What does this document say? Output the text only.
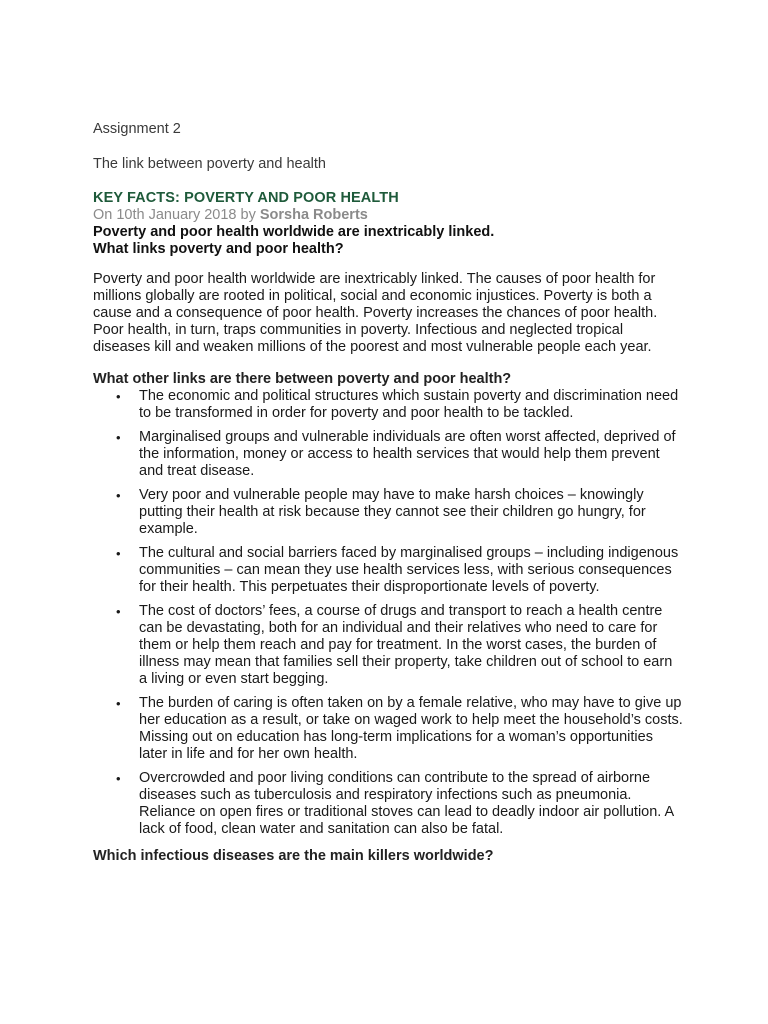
Assignment 2

The link between poverty and health

KEY FACTS: POVERTY AND POOR HEALTH

On 10th January 2018 by Sorsha Roberts

Poverty and poor health worldwide are inextricably linked.

What links poverty and poor health?

Poverty and poor health worldwide are inextricably linked. The causes of poor health for millions globally are rooted in political, social and economic injustices. Poverty is both a cause and a consequence of poor health. Poverty increases the chances of poor health. Poor health, in turn, traps communities in poverty. Infectious and neglected tropical diseases kill and weaken millions of the poorest and most vulnerable people each year.

What other links are there between poverty and poor health?

• The economic and political structures which sustain poverty and discrimination need to be transformed in order for poverty and poor health to be tackled.
• Marginalised groups and vulnerable individuals are often worst affected, deprived of the information, money or access to health services that would help them prevent and treat disease.
• Very poor and vulnerable people may have to make harsh choices – knowingly putting their health at risk because they cannot see their children go hungry, for example.
• The cultural and social barriers faced by marginalised groups – including indigenous communities – can mean they use health services less, with serious consequences for their health. This perpetuates their disproportionate levels of poverty.
• The cost of doctors’ fees, a course of drugs and transport to reach a health centre can be devastating, both for an individual and their relatives who need to care for them or help them reach and pay for treatment. In the worst cases, the burden of illness may mean that families sell their property, take children out of school to earn a living or even start begging.
• The burden of caring is often taken on by a female relative, who may have to give up her education as a result, or take on waged work to help meet the household’s costs. Missing out on education has long-term implications for a woman’s opportunities later in life and for her own health.
• Overcrowded and poor living conditions can contribute to the spread of airborne diseases such as tuberculosis and respiratory infections such as pneumonia. Reliance on open fires or traditional stoves can lead to deadly indoor air pollution. A lack of food, clean water and sanitation can also be fatal.

Which infectious diseases are the main killers worldwide?
